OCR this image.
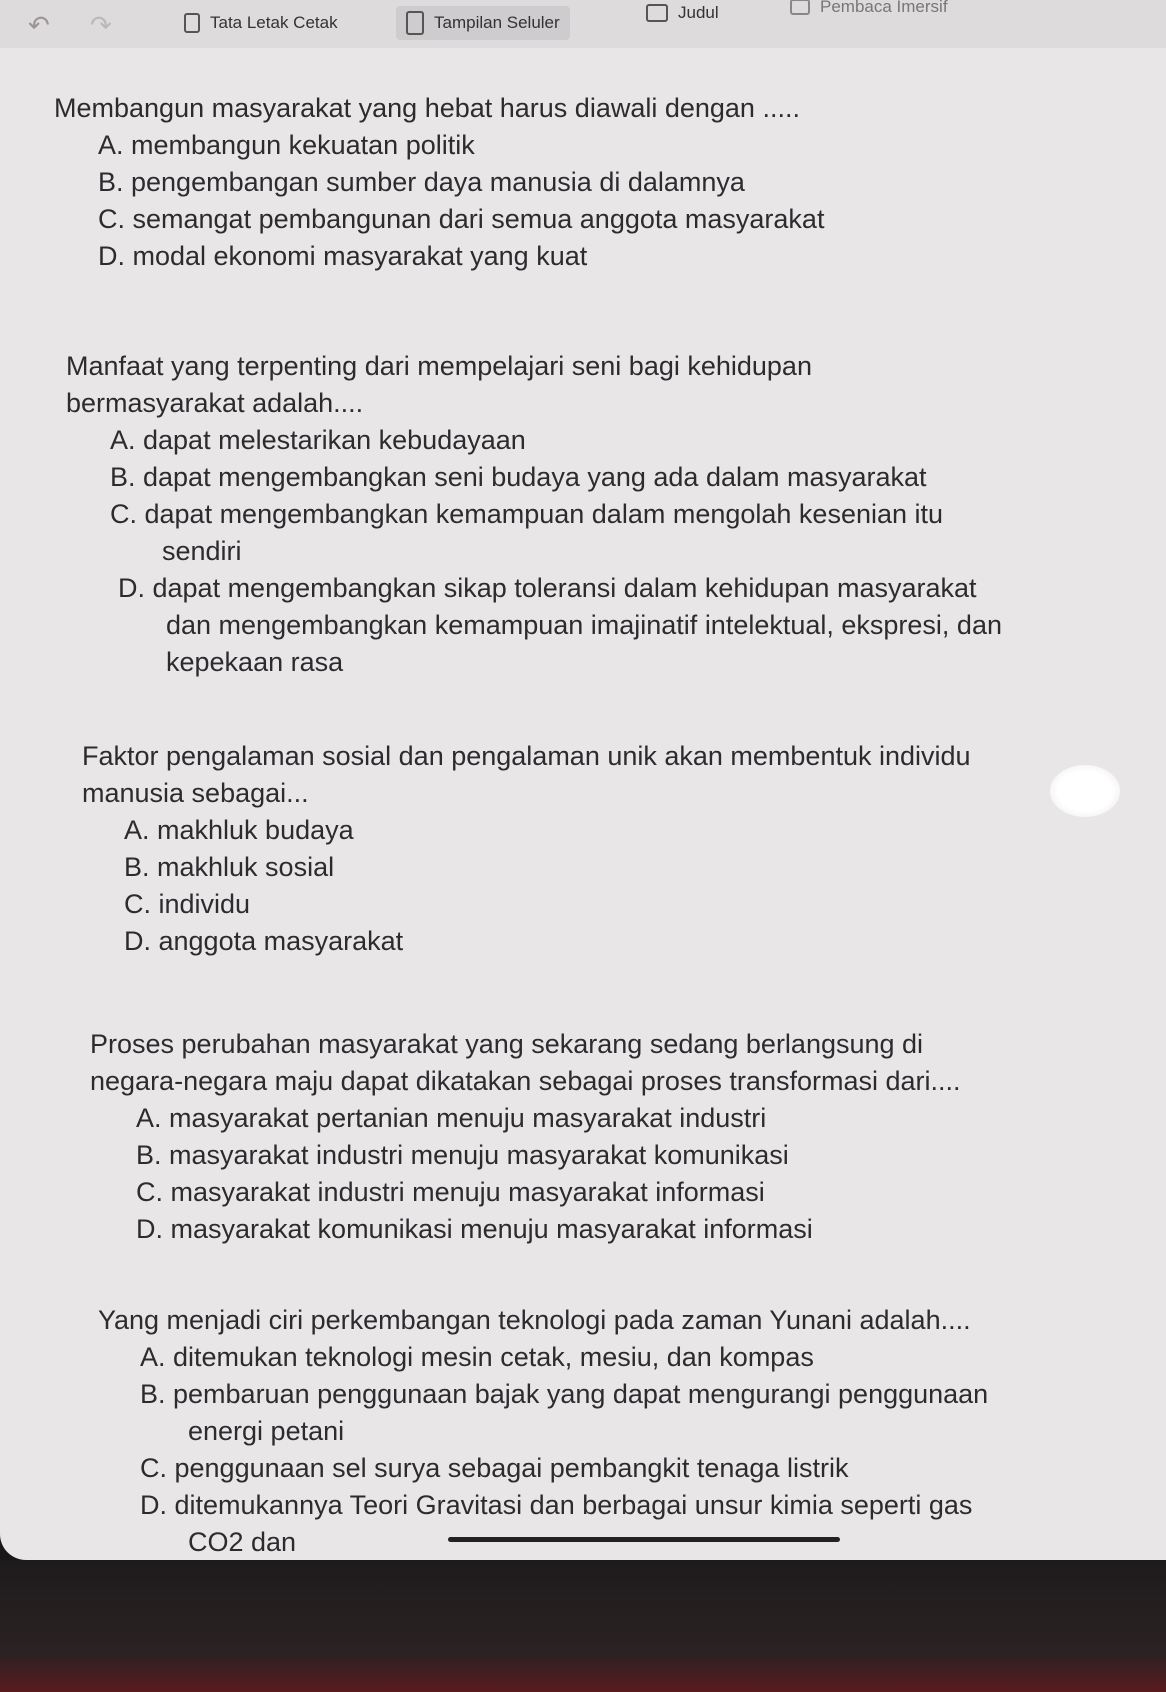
↶ ↷	Tata Letak Cetak	Tampilan Seluler
Judul	Pembaca Imersif
Membangun masyarakat yang hebat harus diawali dengan .....
A. membangun kekuatan politik
B. pengembangan sumber daya manusia di dalamnya
C. semangat pembangunan dari semua anggota masyarakat
D. modal ekonomi masyarakat yang kuat
Manfaat yang terpenting dari mempelajari seni bagi kehidupan
bermasyarakat adalah....
A. dapat melestarikan kebudayaan
B. dapat mengembangkan seni budaya yang ada dalam masyarakat
C. dapat mengembangkan kemampuan dalam mengolah kesenian itu
sendiri
D. dapat mengembangkan sikap toleransi dalam kehidupan masyarakat
dan mengembangkan kemampuan imajinatif intelektual, ekspresi, dan
kepekaan rasa
Faktor pengalaman sosial dan pengalaman unik akan membentuk individu
manusia sebagai...
A. makhluk budaya
B. makhluk sosial
C. individu
D. anggota masyarakat
Proses perubahan masyarakat yang sekarang sedang berlangsung di
negara-negara maju dapat dikatakan sebagai proses transformasi dari....
A. masyarakat pertanian menuju masyarakat industri
B. masyarakat industri menuju masyarakat komunikasi
C. masyarakat industri menuju masyarakat informasi
D. masyarakat komunikasi menuju masyarakat informasi
Yang menjadi ciri perkembangan teknologi pada zaman Yunani adalah....
A. ditemukan teknologi mesin cetak, mesiu, dan kompas
B. pembaruan penggunaan bajak yang dapat mengurangi penggunaan
energi petani
C. penggunaan sel surya sebagai pembangkit tenaga listrik
D. ditemukannya Teori Gravitasi dan berbagai unsur kimia seperti gas
CO2 dan
